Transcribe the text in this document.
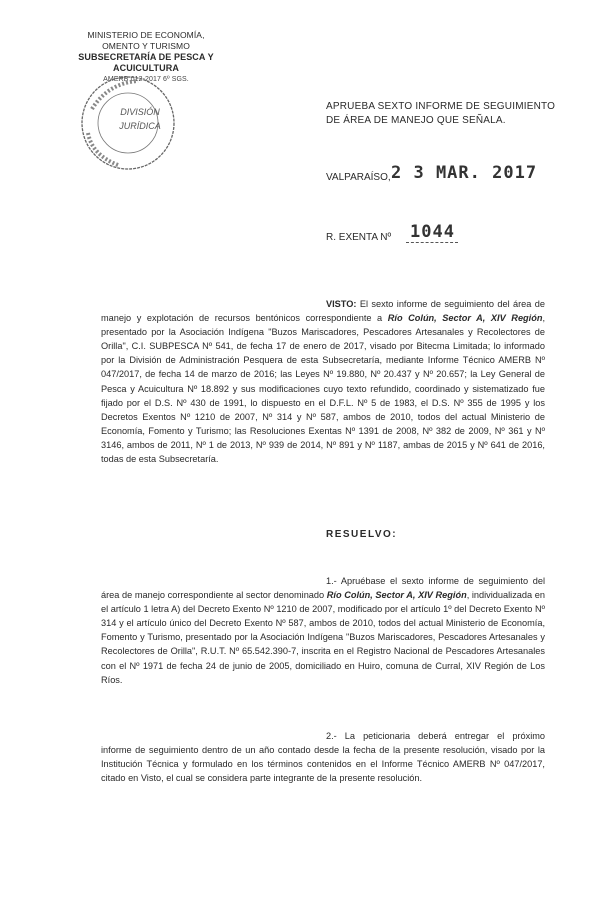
MINISTERIO DE ECONOMÍA,
OMENTO Y TURISMO
SUBSECRETARÍA DE PESCA Y ACUICULTURA
AMERB 012-2017 6º SGS.
DIVISIÓN
JURÍDICA
APRUEBA SEXTO INFORME DE SEGUIMIENTO DE ÁREA DE MANEJO QUE SEÑALA.
VALPARAÍSO, 2 3 MAR. 2017
R. EXENTA Nº 1044
VISTO: El sexto informe de seguimiento del área de manejo y explotación de recursos bentónicos correspondiente a Río Colún, Sector A, XIV Región, presentado por la Asociación Indígena "Buzos Mariscadores, Pescadores Artesanales y Recolectores de Orilla", C.I. SUBPESCA Nº 541, de fecha 17 de enero de 2017, visado por Bitecma Limitada; lo informado por la División de Administración Pesquera de esta Subsecretaría, mediante Informe Técnico AMERB Nº 047/2017, de fecha 14 de marzo de 2016; las Leyes Nº 19.880, Nº 20.437 y Nº 20.657; la Ley General de Pesca y Acuicultura Nº 18.892 y sus modificaciones cuyo texto refundido, coordinado y sistematizado fue fijado por el D.S. Nº 430 de 1991, lo dispuesto en el D.F.L. Nº 5 de 1983, el D.S. Nº 355 de 1995 y los Decretos Exentos Nº 1210 de 2007, Nº 314 y Nº 587, ambos de 2010, todos del actual Ministerio de Economía, Fomento y Turismo; las Resoluciones Exentas Nº 1391 de 2008, Nº 382 de 2009, Nº 361 y Nº 3146, ambos de 2011, Nº 1 de 2013, Nº 939 de 2014, Nº 891 y Nº 1187, ambas de 2015 y Nº 641 de 2016, todas de esta Subsecretaría.
RESUELVO:
1.- Apruébase el sexto informe de seguimiento del área de manejo correspondiente al sector denominado Río Colún, Sector A, XIV Región, individualizada en el artículo 1 letra A) del Decreto Exento Nº 1210 de 2007, modificado por el artículo 1º del Decreto Exento Nº 314 y el artículo único del Decreto Exento Nº 587, ambos de 2010, todos del actual Ministerio de Economía, Fomento y Turismo, presentado por la Asociación Indígena "Buzos Mariscadores, Pescadores Artesanales y Recolectores de Orilla", R.U.T. Nº 65.542.390-7, inscrita en el Registro Nacional de Pescadores Artesanales con el Nº 1971 de fecha 24 de junio de 2005, domiciliado en Huiro, comuna de Curral, XIV Región de Los Ríos.
2.- La peticionaria deberá entregar el próximo informe de seguimiento dentro de un año contado desde la fecha de la presente resolución, visado por la Institución Técnica y formulado en los términos contenidos en el Informe Técnico AMERB Nº 047/2017, citado en Visto, el cual se considera parte integrante de la presente resolución.
